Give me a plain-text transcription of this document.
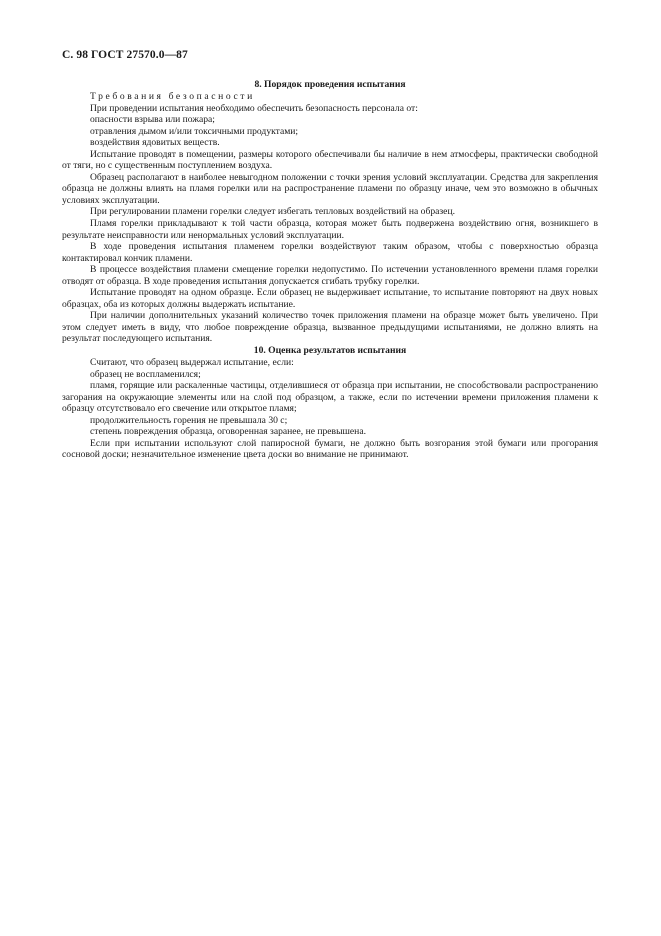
С. 98 ГОСТ 27570.0—87
8. Порядок проведения испытания

Требования безопасности

При проведении испытания необходимо обеспечить безопасность персонала от:

опасности взрыва или пожара;

отравления дымом и/или токсичными продуктами;

воздействия ядовитых веществ.

Испытание проводят в помещении, размеры которого обеспечивали бы наличие в нем атмосферы, практически свободной от тяги, но с существенным поступлением воздуха.

Образец располагают в наиболее невыгодном положении с точки зрения условий эксплуатации. Средства для закрепления образца не должны влиять на пламя горелки или на распространение пламени по образцу иначе, чем это возможно в обычных условиях эксплуатации.

При регулировании пламени горелки следует избегать тепловых воздействий на образец.

Пламя горелки прикладывают к той части образца, которая может быть подвержена воздействию огня, возникшего в результате неисправности или ненормальных условий эксплуатации.

В ходе проведения испытания пламенем горелки воздействуют таким образом, чтобы с поверхностью образца контактировал кончик пламени.

В процессе воздействия пламени смещение горелки недопустимо. По истечении установленного времени пламя горелки отводят от образца. В ходе проведения испытания допускается сгибать трубку горелки.

Испытание проводят на одном образце. Если образец не выдерживает испытание, то испытание повторяют на двух новых образцах, оба из которых должны выдержать испытание.

При наличии дополнительных указаний количество точек приложения пламени на образце может быть увеличено. При этом следует иметь в виду, что любое повреждение образца, вызванное предыдущими испытаниями, не должно влиять на результат последующего испытания.

10. Оценка результатов испытания

Считают, что образец выдержал испытание, если:

образец не воспламенился;

пламя, горящие или раскаленные частицы, отделившиеся от образца при испытании, не способствовали распространению загорания на окружающие элементы или на слой под образцом, а также, если по истечении времени приложения пламени к образцу отсутствовало его свечение или открытое пламя;

продолжительность горения не превышала 30 с;

степень повреждения образца, оговоренная заранее, не превышена.

Если при испытании используют слой папиросной бумаги, не должно быть возгорания этой бумаги или прогорания сосновой доски; незначительное изменение цвета доски во внимание не принимают.
